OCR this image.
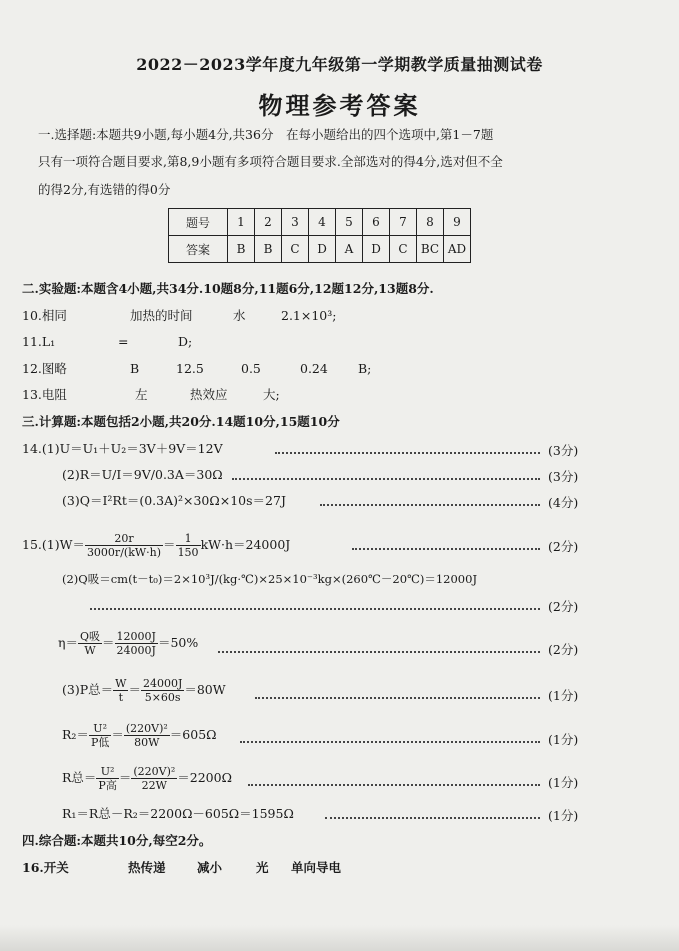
2022－2023学年度九年级第一学期教学质量抽测试卷
物理参考答案
一.选择题:本题共9小题,每小题4分,共36分　在每小题给出的四个选项中,第1－7题
只有一项符合题目要求,第8,9小题有多项符合题目要求.全部选对的得4分,选对但不全
的得2分,有选错的得0分
题号	1	2	3	4	5	6	7	8	9
答案	B	B	C	D	A	D	C	BC	AD
二.实验题:本题含4小题,共34分.10题8分,11题6分,12题12分,13题8分.
10.相同	加热的时间	水	2.1×10³;
11.L₁	=	D;
12.图略	B	12.5	0.5	0.24 B;
13.电阻	左	热效应	大;
三.计算题:本题包括2小题,共20分.14题10分,15题10分
14.(1)U＝U₁＋U₂＝3V＋9V＝12V	(3分)
(2)R＝U/I＝9V/0.3A＝30Ω	(3分)
(3)Q＝I²Rt＝(0.3A)²×30Ω×10s＝27J	(4分)
$15.(1)W= \frac{20r}{3000r/(kW\cdot h)} = \frac{1}{150} kW\cdot h=24000J$	(2分)
(2)Q吸＝cm(t－t₀)＝2×10³J/(kg·℃)×25×10⁻³kg×(260℃－20℃)＝12000J
(2分)
$\eta= \frac{\text{Q吸}}{W} = \frac{12000J}{24000J} =50\%$	(2分)
(3)P总＝ $\frac{W}{t} = \frac{24000J}{5\times 60s} =80W$	(1分)
$R_2= \frac{\text{U²}}{\text{P低}} = \frac{\text{(220V)²}}{80W} =605\Omega$	(1分)
R总＝ $\frac{\text{U²}}{\text{P高}} = \frac{\text{(220V)²}}{22W} =2200\Omega$	(1分)
R₁＝R总－R₂＝2200Ω－605Ω＝1595Ω	(1分)
四.综合题:本题共10分,每空2分。
16.开关	热传递	减小	光 单向导电
